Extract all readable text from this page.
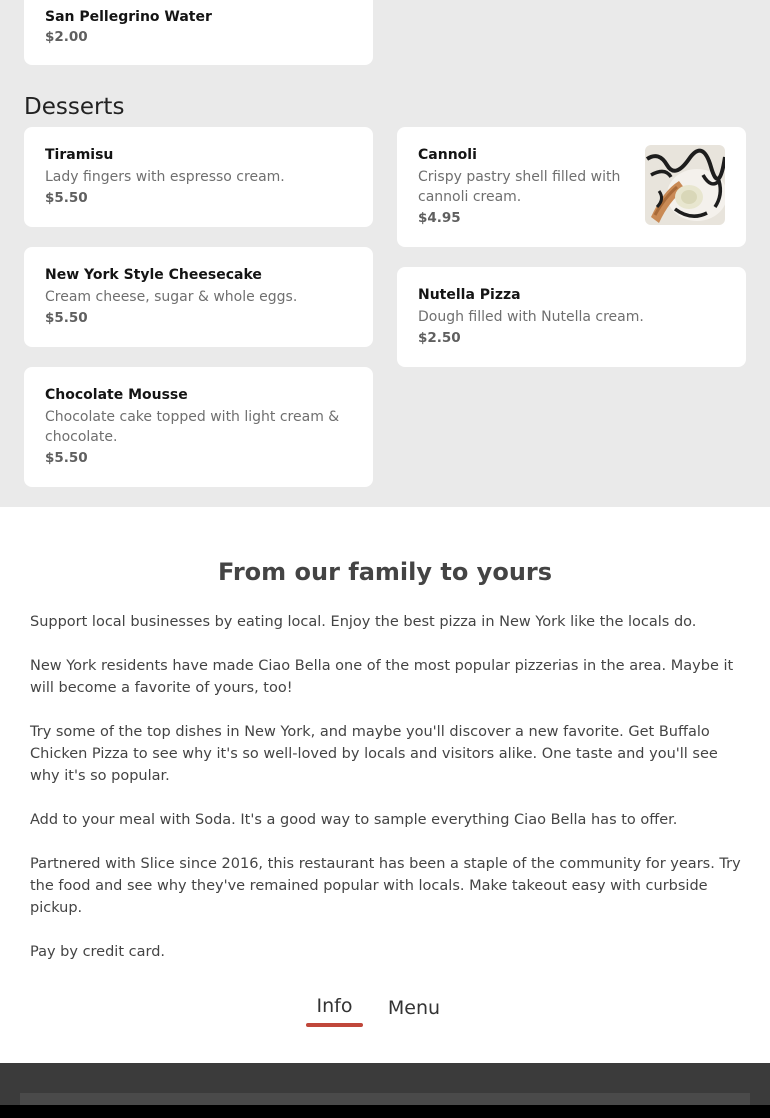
San Pellegrino Water
$2.00
Desserts
Tiramisu
Lady fingers with espresso cream.
$5.50
Cannoli
Crispy pastry shell filled with cannoli cream.
$4.95
New York Style Cheesecake
Cream cheese, sugar & whole eggs.
$5.50
Nutella Pizza
Dough filled with Nutella cream.
$2.50
Chocolate Mousse
Chocolate cake topped with light cream & chocolate.
$5.50
From our family to yours

Support local businesses by eating local. Enjoy the best pizza in New York like the locals do.

New York residents have made Ciao Bella one of the most popular pizzerias in the area. Maybe it will become a favorite of yours, too!

Try some of the top dishes in New York, and maybe you'll discover a new favorite. Get Buffalo Chicken Pizza to see why it's so well-loved by locals and visitors alike. One taste and you'll see why it's so popular.

Add to your meal with Soda. It's a good way to sample everything Ciao Bella has to offer.

Partnered with Slice since 2016, this restaurant has been a staple of the community for years. Try the food and see why they've remained popular with locals. Make takeout easy with curbside pickup.

Pay by credit card.

Info	Menu
